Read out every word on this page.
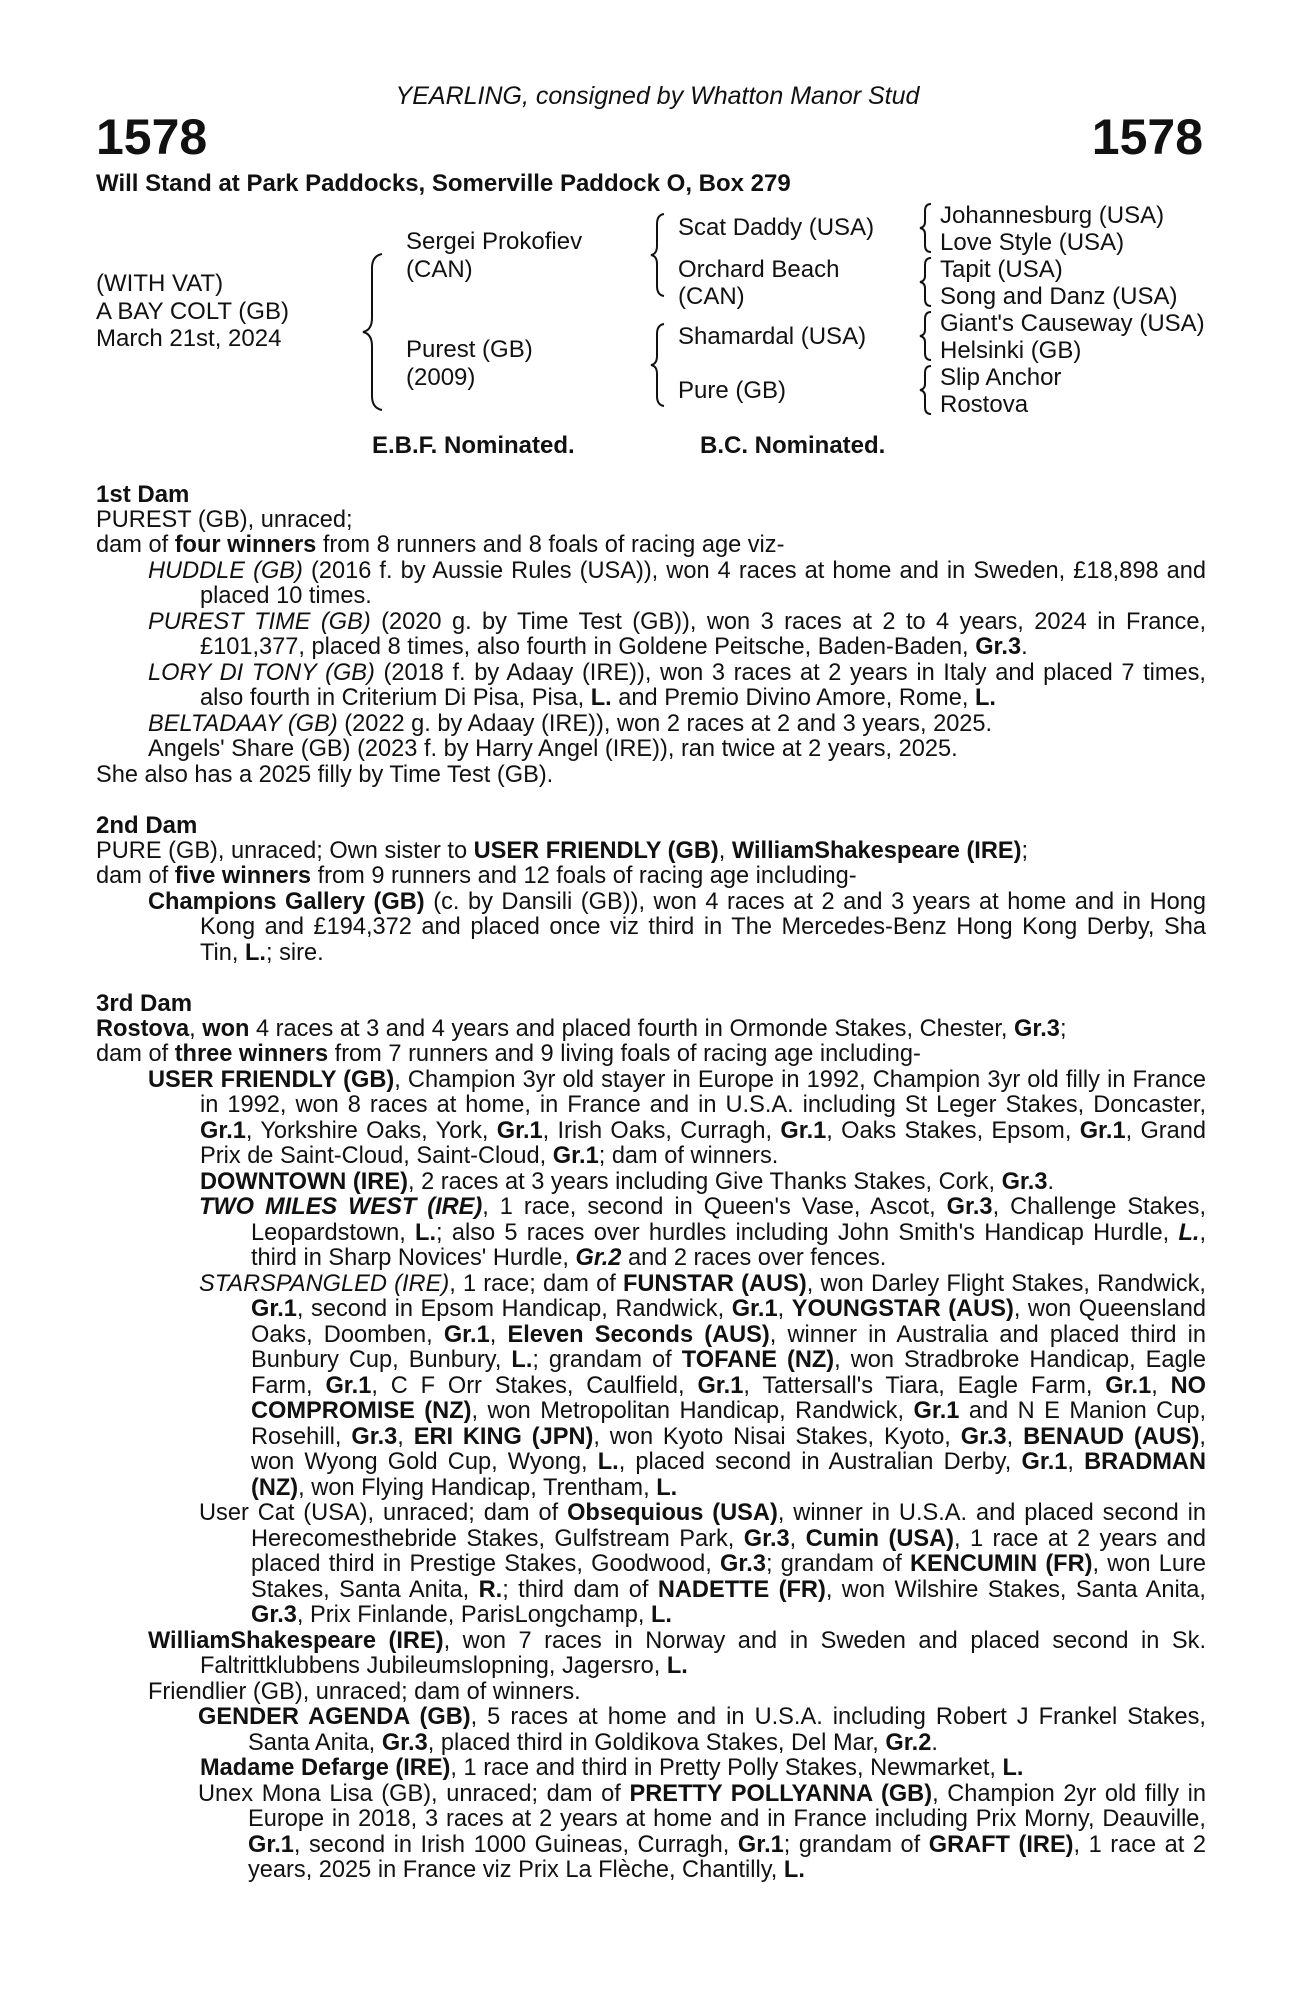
YEARLING, consigned by Whatton Manor Stud
1578	1578
Will Stand at Park Paddocks, Somerville Paddock O, Box 279
(WITH VAT)
A BAY COLT (GB)
March 21st, 2024
Sergei Prokofiev
(CAN)
Purest (GB)
(2009)
Scat Daddy (USA)
Orchard Beach
(CAN)
Shamardal (USA)
Pure (GB)
Johannesburg (USA)
Love Style (USA)
Tapit (USA)
Song and Danz (USA)
Giant's Causeway (USA)
Helsinki (GB)
Slip Anchor
Rostova
E.B.F. Nominated.	B.C. Nominated.

1st Dam

PUREST (GB), unraced;

dam of four winners from 8 runners and 8 foals of racing age viz-

HUDDLE (GB) (2016 f. by Aussie Rules (USA)), won 4 races at home and in Sweden, £18,898 and placed 10 times.

PUREST TIME (GB) (2020 g. by Time Test (GB)), won 3 races at 2 to 4 years, 2024 in France, £101,377, placed 8 times, also fourth in Goldene Peitsche, Baden-Baden, Gr.3.

LORY DI TONY (GB) (2018 f. by Adaay (IRE)), won 3 races at 2 years in Italy and placed 7 times, also fourth in Criterium Di Pisa, Pisa, L. and Premio Divino Amore, Rome, L.

BELTADAAY (GB) (2022 g. by Adaay (IRE)), won 2 races at 2 and 3 years, 2025.

Angels' Share (GB) (2023 f. by Harry Angel (IRE)), ran twice at 2 years, 2025.

She also has a 2025 filly by Time Test (GB).

2nd Dam

PURE (GB), unraced; Own sister to USER FRIENDLY (GB), WilliamShakespeare (IRE);

dam of five winners from 9 runners and 12 foals of racing age including-

Champions Gallery (GB) (c. by Dansili (GB)), won 4 races at 2 and 3 years at home and in Hong Kong and £194,372 and placed once viz third in The Mercedes-Benz Hong Kong Derby, Sha Tin, L.; sire.

3rd Dam

Rostova, won 4 races at 3 and 4 years and placed fourth in Ormonde Stakes, Chester, Gr.3;

dam of three winners from 7 runners and 9 living foals of racing age including-

USER FRIENDLY (GB), Champion 3yr old stayer in Europe in 1992, Champion 3yr old filly in France in 1992, won 8 races at home, in France and in U.S.A. including St Leger Stakes, Doncaster, Gr.1, Yorkshire Oaks, York, Gr.1, Irish Oaks, Curragh, Gr.1, Oaks Stakes, Epsom, Gr.1, Grand Prix de Saint-Cloud, Saint-Cloud, Gr.1; dam of winners.

DOWNTOWN (IRE), 2 races at 3 years including Give Thanks Stakes, Cork, Gr.3.

TWO MILES WEST (IRE), 1 race, second in Queen's Vase, Ascot, Gr.3, Challenge Stakes, Leopardstown, L.; also 5 races over hurdles including John Smith's Handicap Hurdle, L., third in Sharp Novices' Hurdle, Gr.2 and 2 races over fences.

STARSPANGLED (IRE), 1 race; dam of FUNSTAR (AUS), won Darley Flight Stakes, Randwick, Gr.1, second in Epsom Handicap, Randwick, Gr.1, YOUNGSTAR (AUS), won Queensland Oaks, Doomben, Gr.1, Eleven Seconds (AUS), winner in Australia and placed third in Bunbury Cup, Bunbury, L.; grandam of TOFANE (NZ), won Stradbroke Handicap, Eagle Farm, Gr.1, C F Orr Stakes, Caulfield, Gr.1, Tattersall's Tiara, Eagle Farm, Gr.1, NO COMPROMISE (NZ), won Metropolitan Handicap, Randwick, Gr.1 and N E Manion Cup, Rosehill, Gr.3, ERI KING (JPN), won Kyoto Nisai Stakes, Kyoto, Gr.3, BENAUD (AUS), won Wyong Gold Cup, Wyong, L., placed second in Australian Derby, Gr.1, BRADMAN (NZ), won Flying Handicap, Trentham, L.

User Cat (USA), unraced; dam of Obsequious (USA), winner in U.S.A. and placed second in Herecomesthebride Stakes, Gulfstream Park, Gr.3, Cumin (USA), 1 race at 2 years and placed third in Prestige Stakes, Goodwood, Gr.3; grandam of KENCUMIN (FR), won Lure Stakes, Santa Anita, R.; third dam of NADETTE (FR), won Wilshire Stakes, Santa Anita, Gr.3, Prix Finlande, ParisLongchamp, L.

WilliamShakespeare (IRE), won 7 races in Norway and in Sweden and placed second in Sk. Faltrittklubbens Jubileumslopning, Jagersro, L.

Friendlier (GB), unraced; dam of winners.

GENDER AGENDA (GB), 5 races at home and in U.S.A. including Robert J Frankel Stakes, Santa Anita, Gr.3, placed third in Goldikova Stakes, Del Mar, Gr.2.

Madame Defarge (IRE), 1 race and third in Pretty Polly Stakes, Newmarket, L.

Unex Mona Lisa (GB), unraced; dam of PRETTY POLLYANNA (GB), Champion 2yr old filly in Europe in 2018, 3 races at 2 years at home and in France including Prix Morny, Deauville, Gr.1, second in Irish 1000 Guineas, Curragh, Gr.1; grandam of GRAFT (IRE), 1 race at 2 years, 2025 in France viz Prix La Flèche, Chantilly, L.
